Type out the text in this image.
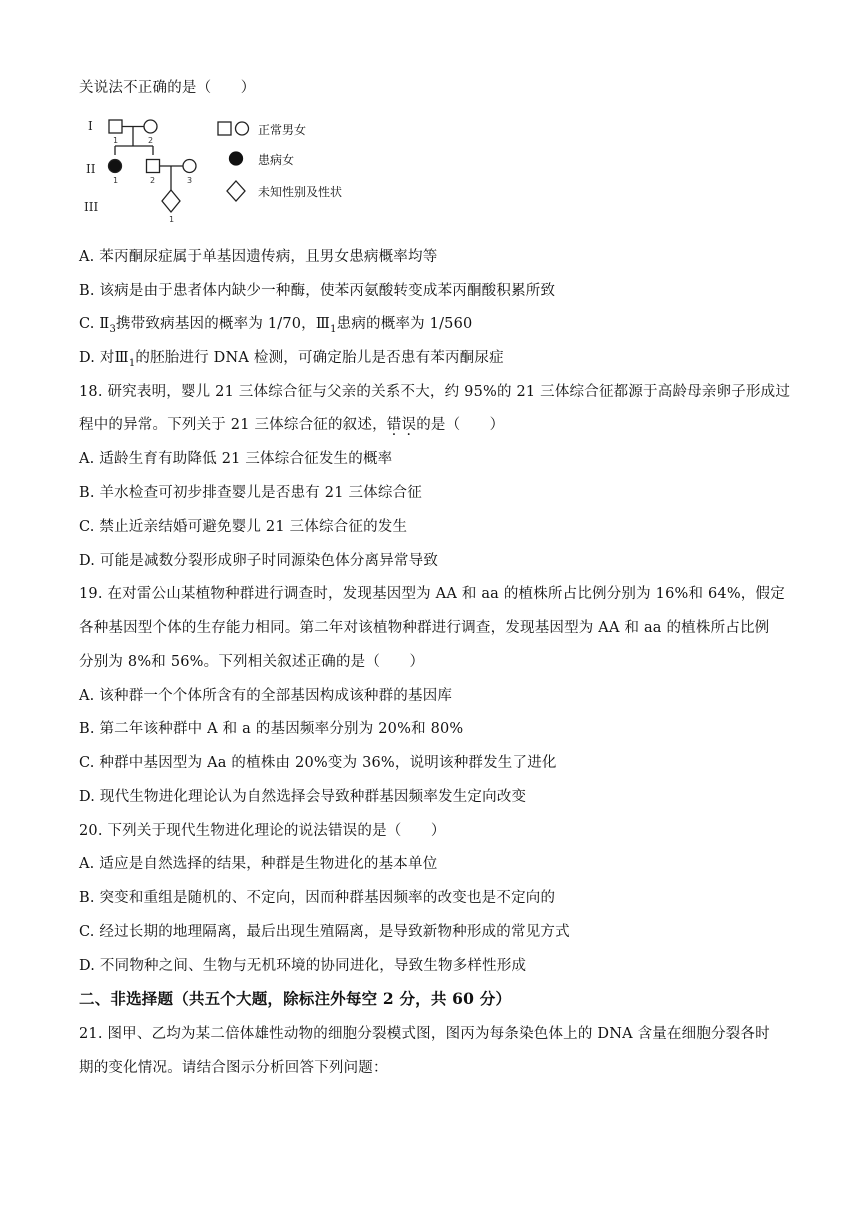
关说法不正确的是（　　）
I
II
III
1	2
1	2	3
1
正常男女
患病女
未知性别及性状
A. 苯丙酮尿症属于单基因遗传病，且男女患病概率均等
B. 该病是由于患者体内缺少一种酶，使苯丙氨酸转变成苯丙酮酸积累所致
C. $Ⅱ_3$携带致病基因的概率为 1/70，$Ⅲ_1$患病的概率为 1/560
D. 对$Ⅲ_1$的胚胎进行 DNA 检测，可确定胎儿是否患有苯丙酮尿症
18. 研究表明，婴儿 21 三体综合征与父亲的关系不大，约 95%的 21 三体综合征都源于高龄母亲卵子形成过
程中的异常。下列关于 21 三体综合征的叙述，错误的是（　　）
A. 适龄生育有助降低 21 三体综合征发生的概率
B. 羊水检查可初步排查婴儿是否患有 21 三体综合征
C. 禁止近亲结婚可避免婴儿 21 三体综合征的发生
D. 可能是减数分裂形成卵子时同源染色体分离异常导致
19. 在对雷公山某植物种群进行调查时，发现基因型为 AA 和 aa 的植株所占比例分别为 16%和 64%，假定
各种基因型个体的生存能力相同。第二年对该植物种群进行调查，发现基因型为 AA 和 aa 的植株所占比例
分别为 8%和 56%。下列相关叙述正确的是（　　）
A. 该种群一个个体所含有的全部基因构成该种群的基因库
B. 第二年该种群中 A 和 a 的基因频率分别为 20%和 80%
C. 种群中基因型为 Aa 的植株由 20%变为 36%，说明该种群发生了进化
D. 现代生物进化理论认为自然选择会导致种群基因频率发生定向改变
20. 下列关于现代生物进化理论的说法错误的是（　　）
A. 适应是自然选择的结果，种群是生物进化的基本单位
B. 突变和重组是随机的、不定向，因而种群基因频率的改变也是不定向的
C. 经过长期的地理隔离，最后出现生殖隔离，是导致新物种形成的常见方式
D. 不同物种之间、生物与无机环境的协同进化，导致生物多样性形成
二、非选择题（共五个大题，除标注外每空 2 分，共 60 分）
21. 图甲、乙均为某二倍体雄性动物的细胞分裂模式图，图丙为每条染色体上的 DNA 含量在细胞分裂各时
期的变化情况。请结合图示分析回答下列问题：
